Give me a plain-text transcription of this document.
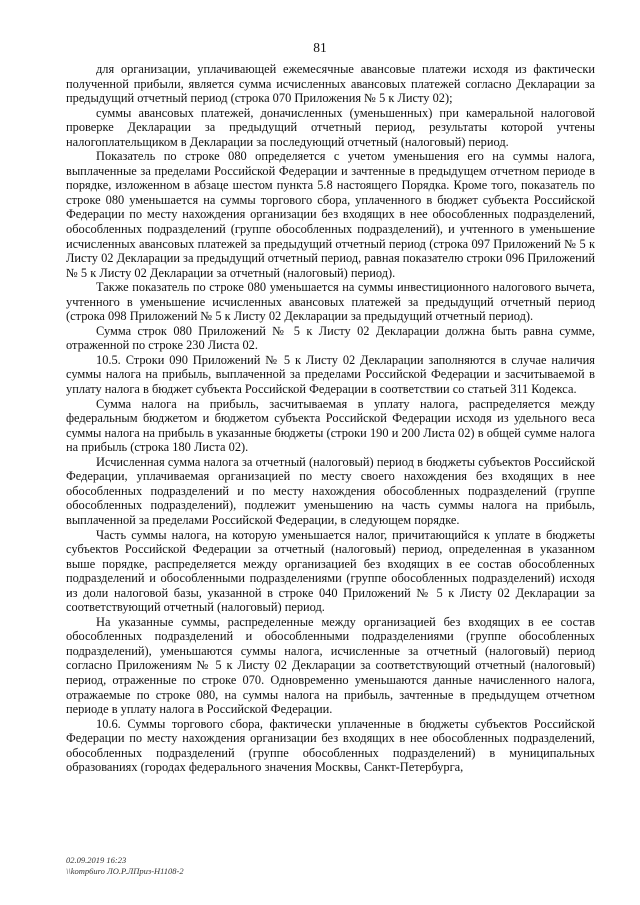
81

для организации, уплачивающей ежемесячные авансовые платежи исходя из фактически полученной прибыли, является сумма исчисленных авансовых платежей согласно Декларации за предыдущий отчетный период (строка 070 Приложения № 5 к Листу 02);

суммы авансовых платежей, доначисленных (уменьшенных) при камеральной налоговой проверке Декларации за предыдущий отчетный период, результаты которой учтены налогоплательщиком в Декларации за последующий отчетный (налоговый) период.

Показатель по строке 080 определяется с учетом уменьшения его на суммы налога, выплаченные за пределами Российской Федерации и зачтенные в предыдущем отчетном периоде в порядке, изложенном в абзаце шестом пункта 5.8 настоящего Порядка. Кроме того, показатель по строке 080 уменьшается на суммы торгового сбора, уплаченного в бюджет субъекта Российской Федерации по месту нахождения организации без входящих в нее обособленных подразделений, обособленных подразделений (группе обособленных подразделений), и учтенного в уменьшение исчисленных авансовых платежей за предыдущий отчетный период (строка 097 Приложений № 5 к Листу 02 Декларации за предыдущий отчетный период, равная показателю строки 096 Приложений № 5 к Листу 02 Декларации за отчетный (налоговый) период).

Также показатель по строке 080 уменьшается на суммы инвестиционного налогового вычета, учтенного в уменьшение исчисленных авансовых платежей за предыдущий отчетный период (строка 098 Приложений № 5 к Листу 02 Декларации за предыдущий отчетный период).

Сумма строк 080 Приложений № 5 к Листу 02 Декларации должна быть равна сумме, отраженной по строке 230 Листа 02.

10.5. Строки 090 Приложений № 5 к Листу 02 Декларации заполняются в случае наличия суммы налога на прибыль, выплаченной за пределами Российской Федерации и засчитываемой в уплату налога в бюджет субъекта Российской Федерации в соответствии со статьей 311 Кодекса.

Сумма налога на прибыль, засчитываемая в уплату налога, распределяется между федеральным бюджетом и бюджетом субъекта Российской Федерации исходя из удельного веса суммы налога на прибыль в указанные бюджеты (строки 190 и 200 Листа 02) в общей сумме налога на прибыль (строка 180 Листа 02).

Исчисленная сумма налога за отчетный (налоговый) период в бюджеты субъектов Российской Федерации, уплачиваемая организацией по месту своего нахождения без входящих в нее обособленных подразделений и по месту нахождения обособленных подразделений (группе обособленных подразделений), подлежит уменьшению на часть суммы налога на прибыль, выплаченной за пределами Российской Федерации, в следующем порядке.

Часть суммы налога, на которую уменьшается налог, причитающийся к уплате в бюджеты субъектов Российской Федерации за отчетный (налоговый) период, определенная в указанном выше порядке, распределяется между организацией без входящих в ее состав обособленных подразделений и обособленными подразделениями (группе обособленных подразделений) исходя из доли налоговой базы, указанной в строке 040 Приложений № 5 к Листу 02 Декларации за соответствующий отчетный (налоговый) период.

На указанные суммы, распределенные между организацией без входящих в ее состав обособленных подразделений и обособленными подразделениями (группе обособленных подразделений), уменьшаются суммы налога, исчисленные за отчетный (налоговый) период согласно Приложениям № 5 к Листу 02 Декларации за соответствующий отчетный (налоговый) период, отраженные по строке 070. Одновременно уменьшаются данные начисленного налога, отражаемые по строке 080, на суммы налога на прибыль, зачтенные в предыдущем отчетном периоде в уплату налога в Российской Федерации.

10.6. Суммы торгового сбора, фактически уплаченные в бюджеты субъектов Российской Федерации по месту нахождения организации без входящих в нее обособленных подразделений, обособленных подразделений (группе обособленных подразделений) в муниципальных образованиях (городах федерального значения Москвы, Санкт-Петербурга,

02.09.2019 16:23
\\komp6uro ЛО.Р.ЛПриз-Н1108-2
